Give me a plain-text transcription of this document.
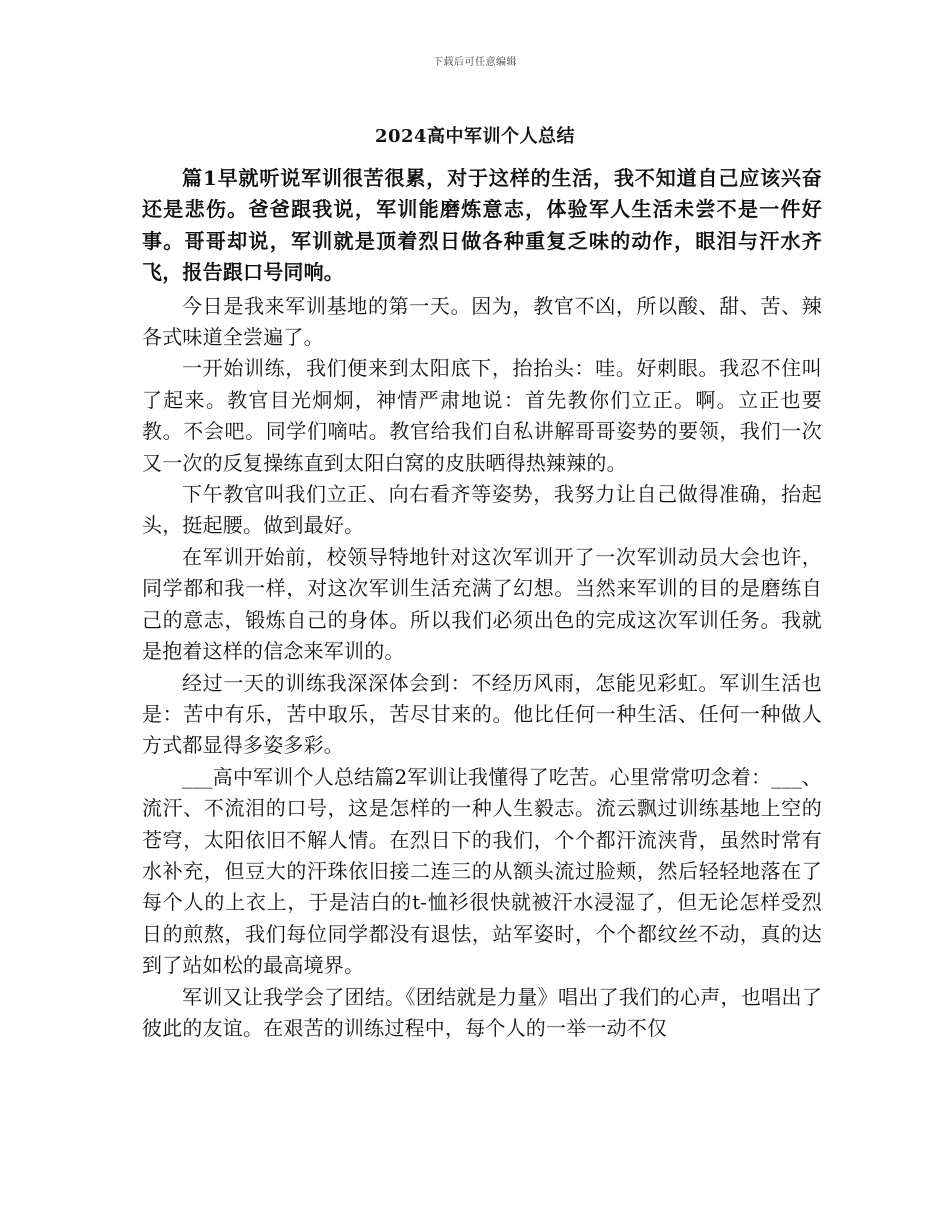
下载后可任意编辑
2024高中军训个人总结

篇1早就听说军训很苦很累，对于这样的生活，我不知道自己应该兴奋还是悲伤。爸爸跟我说，军训能磨炼意志，体验军人生活未尝不是一件好事。哥哥却说，军训就是顶着烈日做各种重复乏味的动作，眼泪与汗水齐飞，报告跟口号同响。

今日是我来军训基地的第一天。因为，教官不凶，所以酸、甜、苦、辣各式味道全尝遍了。

一开始训练，我们便来到太阳底下，抬抬头：哇。好刺眼。我忍不住叫了起来。教官目光炯炯，神情严肃地说：首先教你们立正。啊。立正也要教。不会吧。同学们嘀咕。教官给我们自私讲解哥哥姿势的要领，我们一次又一次的反复操练直到太阳白窝的皮肤晒得热辣辣的。

下午教官叫我们立正、向右看齐等姿势，我努力让自己做得准确，抬起头，挺起腰。做到最好。

在军训开始前，校领导特地针对这次军训开了一次军训动员大会也许，同学都和我一样，对这次军训生活充满了幻想。当然来军训的目的是磨练自己的意志，锻炼自己的身体。所以我们必须出色的完成这次军训任务。我就是抱着这样的信念来军训的。

经过一天的训练我深深体会到：不经历风雨，怎能见彩虹。军训生活也是：苦中有乐，苦中取乐，苦尽甘来的。他比任何一种生活、任何一种做人方式都显得多姿多彩。

___高中军训个人总结篇2军训让我懂得了吃苦。心里常常叨念着：___、流汗、不流泪的口号，这是怎样的一种人生毅志。流云飘过训练基地上空的苍穹，太阳依旧不解人情。在烈日下的我们，个个都汗流浃背，虽然时常有水补充，但豆大的汗珠依旧接二连三的从额头流过脸颊，然后轻轻地落在了每个人的上衣上，于是洁白的t-恤衫很快就被汗水浸湿了，但无论怎样受烈日的煎熬，我们每位同学都没有退怯，站军姿时，个个都纹丝不动，真的达到了站如松的最高境界。

军训又让我学会了团结。《团结就是力量》唱出了我们的心声，也唱出了彼此的友谊。在艰苦的训练过程中，每个人的一举一动不仅
